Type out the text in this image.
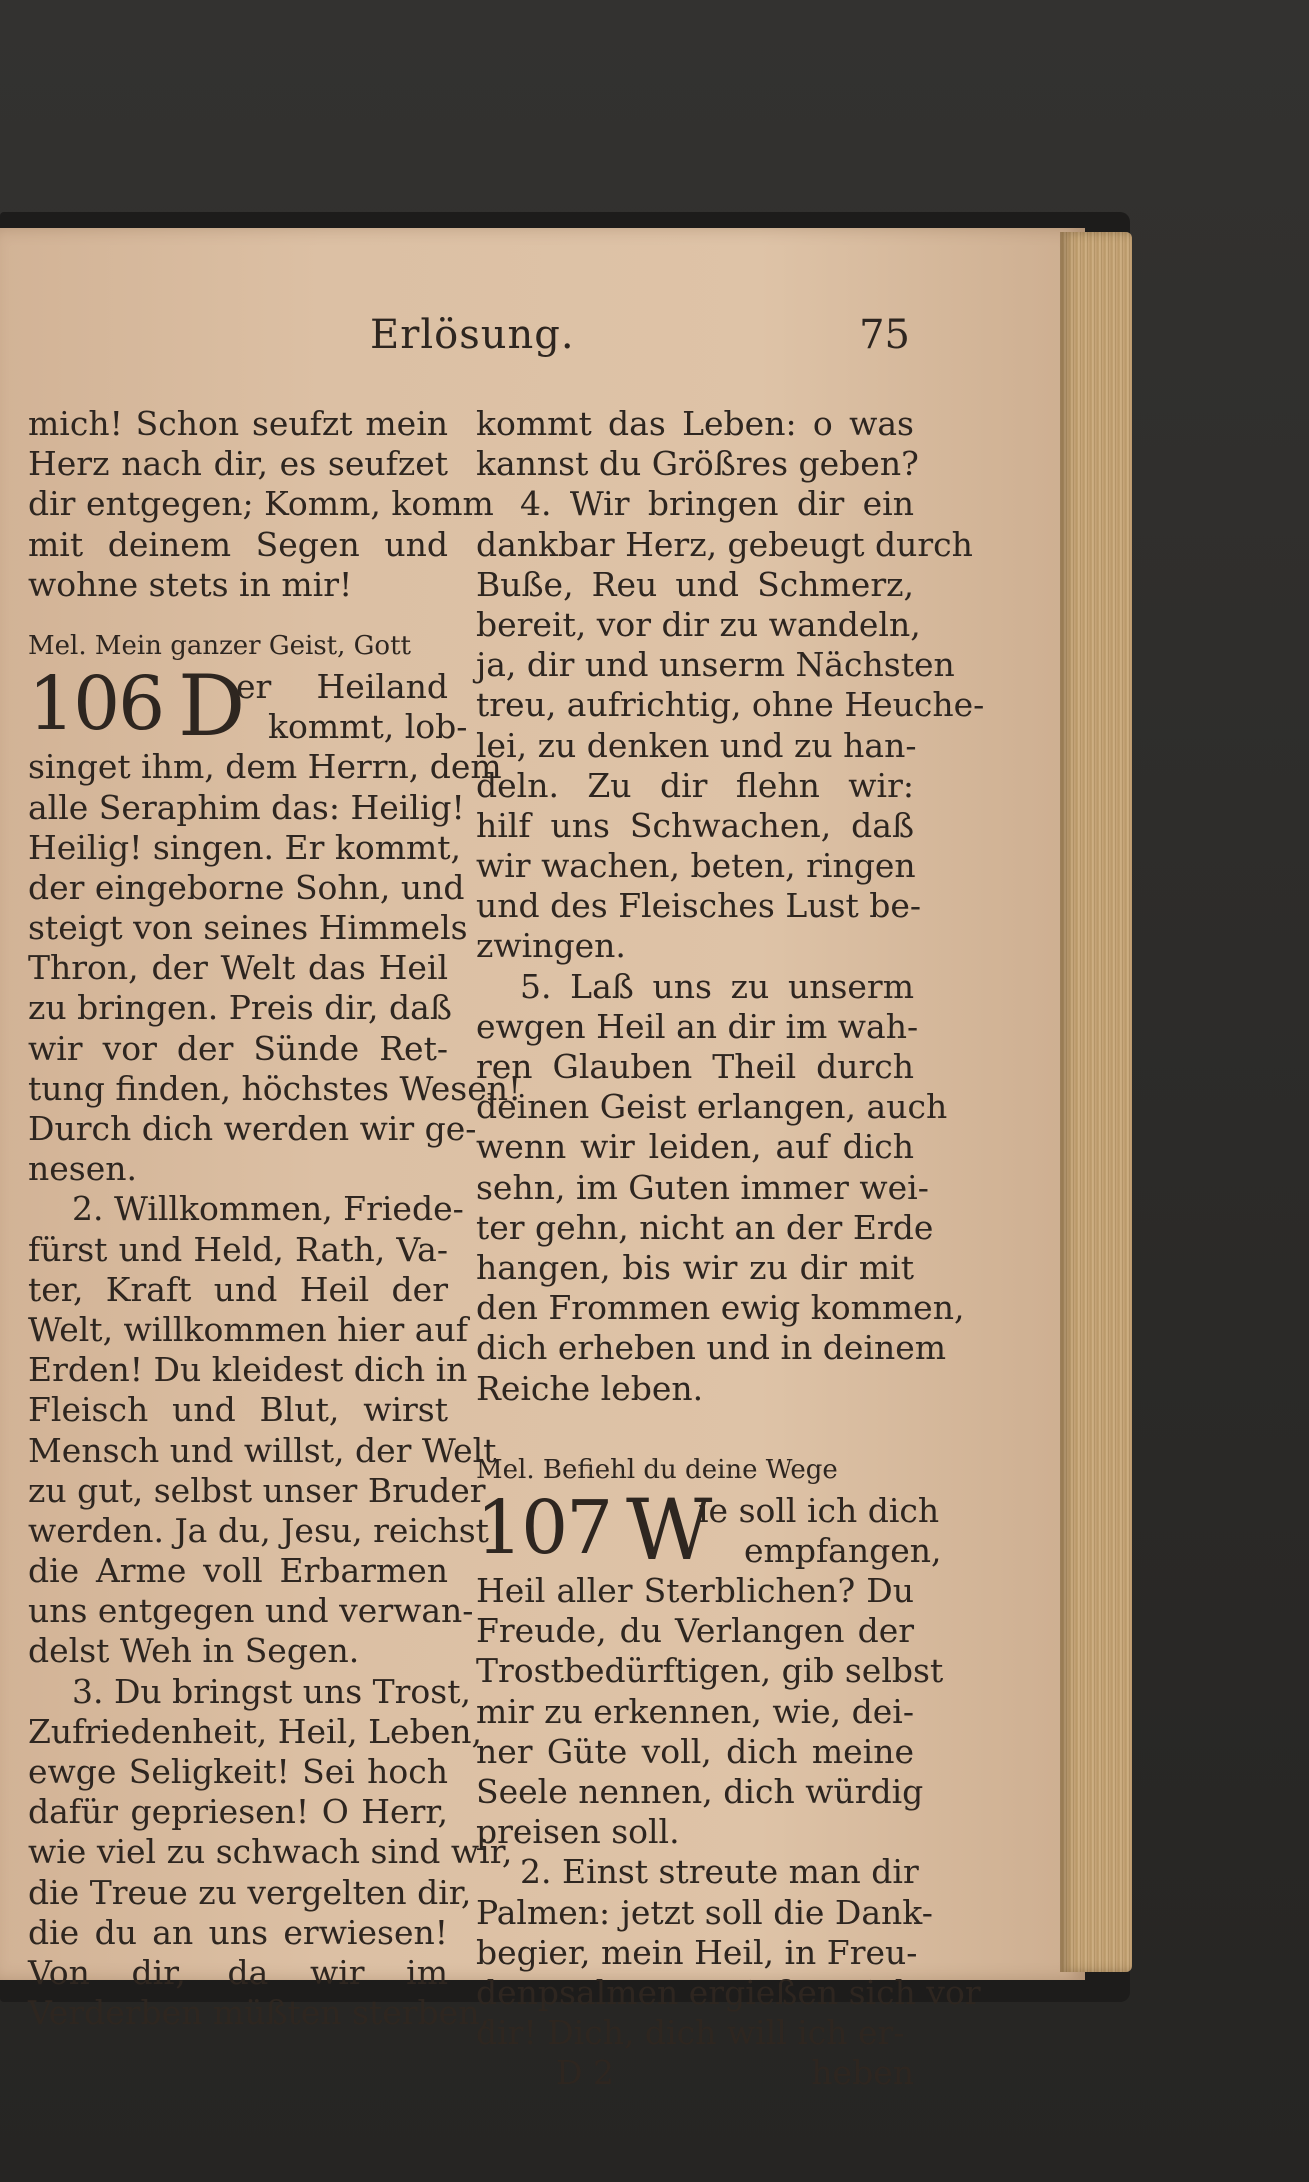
Erlösung.	75
mich! Schon seufzt mein
Herz nach dir, es seufzet
dir entgegen; Komm, komm
mit deinem Segen und
wohne stets in mir!
Mel. Mein ganzer Geist, Gott
106 D
er Heiland
kommt, lob-
singet ihm, dem Herrn, dem
alle Seraphim das: Heilig!
Heilig! singen. Er kommt,
der eingeborne Sohn, und
steigt von seines Himmels
Thron, der Welt das Heil
zu bringen. Preis dir, daß
wir vor der Sünde Ret-
tung finden, höchstes Wesen!
Durch dich werden wir ge-
nesen.
2. Willkommen, Friede-
fürst und Held, Rath, Va-
ter, Kraft und Heil der
Welt, willkommen hier auf
Erden! Du kleidest dich in
Fleisch und Blut, wirst
Mensch und willst, der Welt
zu gut, selbst unser Bruder
werden. Ja du, Jesu, reichst
die Arme voll Erbarmen
uns entgegen und verwan-
delst Weh in Segen.
3. Du bringst uns Trost,
Zufriedenheit, Heil, Leben,
ewge Seligkeit! Sei hoch
dafür gepriesen! O Herr,
wie viel zu schwach sind wir,
die Treue zu vergelten dir,
die du an uns erwiesen!
Von dir, da wir im
Verderben müßten sterben,
kommt das Leben: o was
kannst du Größres geben?
4. Wir bringen dir ein
dankbar Herz, gebeugt durch
Buße, Reu und Schmerz,
bereit, vor dir zu wandeln,
ja, dir und unserm Nächsten
treu, aufrichtig, ohne Heuche-
lei, zu denken und zu han-
deln. Zu dir flehn wir:
hilf uns Schwachen, daß
wir wachen, beten, ringen
und des Fleisches Lust be-
zwingen.
5. Laß uns zu unserm
ewgen Heil an dir im wah-
ren Glauben Theil durch
deinen Geist erlangen, auch
wenn wir leiden, auf dich
sehn, im Guten immer wei-
ter gehn, nicht an der Erde
hangen, bis wir zu dir mit
den Frommen ewig kommen,
dich erheben und in deinem
Reiche leben.
Mel. Befiehl du deine Wege
107 W
ie soll ich dich
empfangen,
Heil aller Sterblichen? Du
Freude, du Verlangen der
Trostbedürftigen, gib selbst
mir zu erkennen, wie, dei-
ner Güte voll, dich meine
Seele nennen, dich würdig
preisen soll.
2. Einst streute man dir
Palmen: jetzt soll die Dank-
begier, mein Heil, in Freu-
denpsalmen ergießen sich vor
dir! Dich, dich will ich er-
D 2	heben
